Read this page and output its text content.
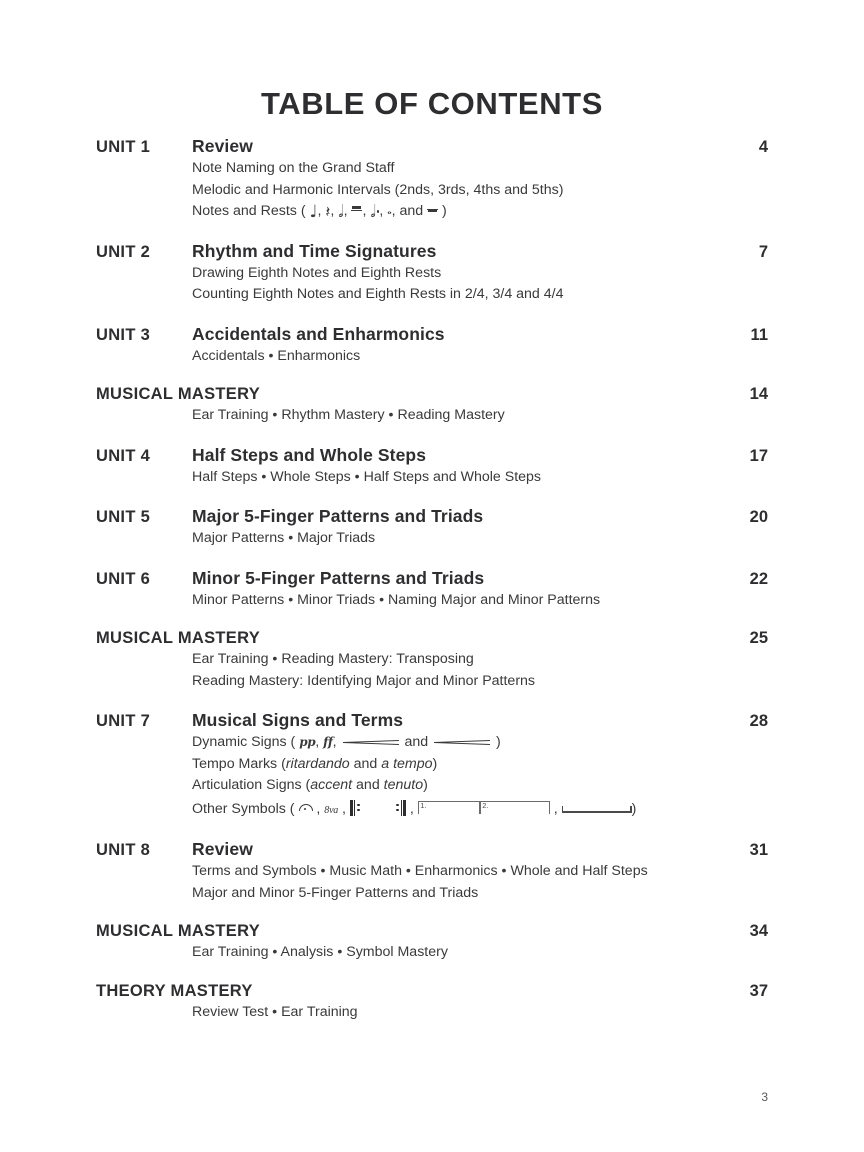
TABLE OF CONTENTS
UNIT 1	Review	4
Note Naming on the Grand Staff
Melodic and Harmonic Intervals (2nds, 3rds, 4ths and 5ths)
Notes and Rests ( ♩, 𝄽, 𝅗𝅥, , 𝅗𝅥 , 𝅝, and  )
UNIT 2	Rhythm and Time Signatures	7
Drawing Eighth Notes and Eighth Rests
Counting Eighth Notes and Eighth Rests in 2/4, 3/4 and 4/4
UNIT 3	Accidentals and Enharmonics	11
Accidentals • Enharmonics
MUSICAL MASTERY	14
Ear Training • Rhythm Mastery • Reading Mastery
UNIT 4	Half Steps and Whole Steps	17
Half Steps • Whole Steps • Half Steps and Whole Steps
UNIT 5	Major 5-Finger Patterns and Triads	20
Major Patterns • Major Triads
UNIT 6	Minor 5-Finger Patterns and Triads	22
Minor Patterns • Minor Triads • Naming Major and Minor Patterns
MUSICAL MASTERY	25
Ear Training • Reading Mastery: Transposing
Reading Mastery: Identifying Major and Minor Patterns
UNIT 7	Musical Signs and Terms	28
Dynamic Signs ( pp, ff,	and	)
Tempo Marks (ritardando and a tempo)
Articulation Signs (accent and tenuto)
Other Symbols (  , 8va ,	, 1.	2.	,	)
UNIT 8	Review	31
Terms and Symbols • Music Math • Enharmonics • Whole and Half Steps
Major and Minor 5-Finger Patterns and Triads
MUSICAL MASTERY	34
Ear Training • Analysis • Symbol Mastery
THEORY MASTERY	37
Review Test • Ear Training
3
